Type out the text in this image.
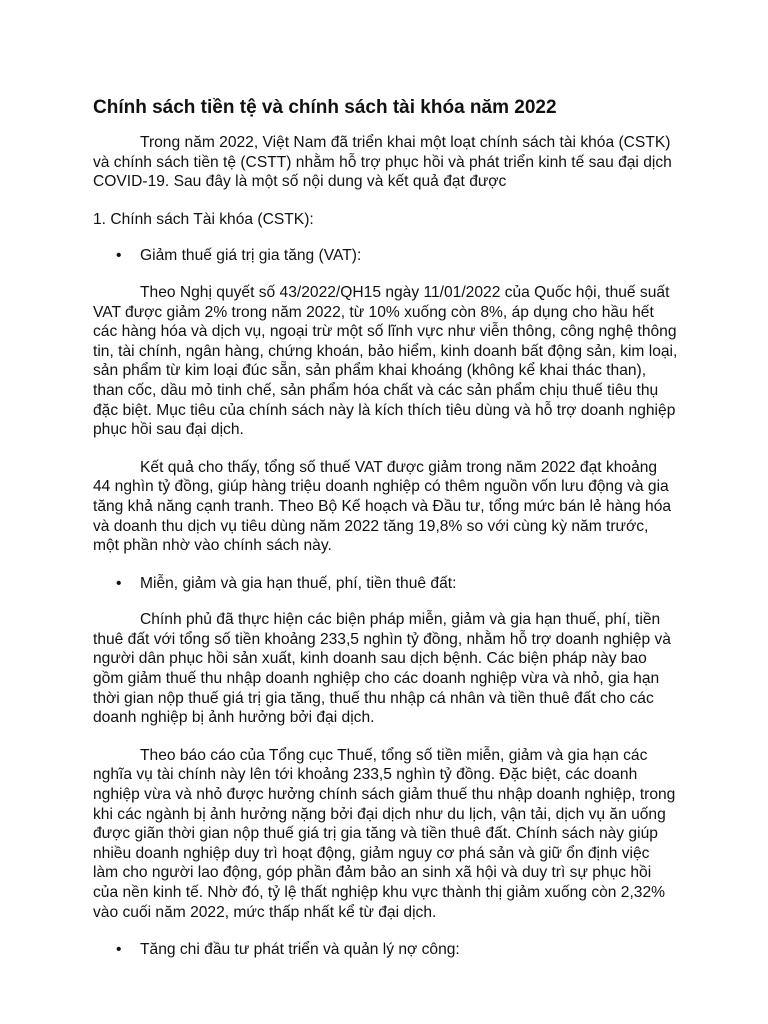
Chính sách tiền tệ và chính sách tài khóa năm 2022
Trong năm 2022, Việt Nam đã triển khai một loạt chính sách tài khóa (CSTK) và chính sách tiền tệ (CSTT) nhằm hỗ trợ phục hồi và phát triển kinh tế sau đại dịch COVID-19. Sau đây là một số nội dung và kết quả đạt được
1. Chính sách Tài khóa (CSTK):
• Giảm thuế giá trị gia tăng (VAT):
Theo Nghị quyết số 43/2022/QH15 ngày 11/01/2022 của Quốc hội, thuế suất VAT được giảm 2% trong năm 2022, từ 10% xuống còn 8%, áp dụng cho hầu hết các hàng hóa và dịch vụ, ngoại trừ một số lĩnh vực như viễn thông, công nghệ thông tin, tài chính, ngân hàng, chứng khoán, bảo hiểm, kinh doanh bất động sản, kim loại, sản phẩm từ kim loại đúc sẵn, sản phẩm khai khoáng (không kể khai thác than), than cốc, dầu mỏ tinh chế, sản phẩm hóa chất và các sản phẩm chịu thuế tiêu thụ đặc biệt. Mục tiêu của chính sách này là kích thích tiêu dùng và hỗ trợ doanh nghiệp phục hồi sau đại dịch.
Kết quả cho thấy, tổng số thuế VAT được giảm trong năm 2022 đạt khoảng 44 nghìn tỷ đồng, giúp hàng triệu doanh nghiệp có thêm nguồn vốn lưu động và gia tăng khả năng cạnh tranh. Theo Bộ Kế hoạch và Đầu tư, tổng mức bán lẻ hàng hóa và doanh thu dịch vụ tiêu dùng năm 2022 tăng 19,8% so với cùng kỳ năm trước, một phần nhờ vào chính sách này.
• Miễn, giảm và gia hạn thuế, phí, tiền thuê đất:
Chính phủ đã thực hiện các biện pháp miễn, giảm và gia hạn thuế, phí, tiền thuê đất với tổng số tiền khoảng 233,5 nghìn tỷ đồng, nhằm hỗ trợ doanh nghiệp và người dân phục hồi sản xuất, kinh doanh sau dịch bệnh. Các biện pháp này bao gồm giảm thuế thu nhập doanh nghiệp cho các doanh nghiệp vừa và nhỏ, gia hạn thời gian nộp thuế giá trị gia tăng, thuế thu nhập cá nhân và tiền thuê đất cho các doanh nghiệp bị ảnh hưởng bởi đại dịch.
Theo báo cáo của Tổng cục Thuế, tổng số tiền miễn, giảm và gia hạn các nghĩa vụ tài chính này lên tới khoảng 233,5 nghìn tỷ đồng. Đặc biệt, các doanh nghiệp vừa và nhỏ được hưởng chính sách giảm thuế thu nhập doanh nghiệp, trong khi các ngành bị ảnh hưởng nặng bởi đại dịch như du lịch, vận tải, dịch vụ ăn uống được giãn thời gian nộp thuế giá trị gia tăng và tiền thuê đất. Chính sách này giúp nhiều doanh nghiệp duy trì hoạt động, giảm nguy cơ phá sản và giữ ổn định việc làm cho người lao động, góp phần đảm bảo an sinh xã hội và duy trì sự phục hồi của nền kinh tế. Nhờ đó, tỷ lệ thất nghiệp khu vực thành thị giảm xuống còn 2,32% vào cuối năm 2022, mức thấp nhất kể từ đại dịch.
• Tăng chi đầu tư phát triển và quản lý nợ công:
